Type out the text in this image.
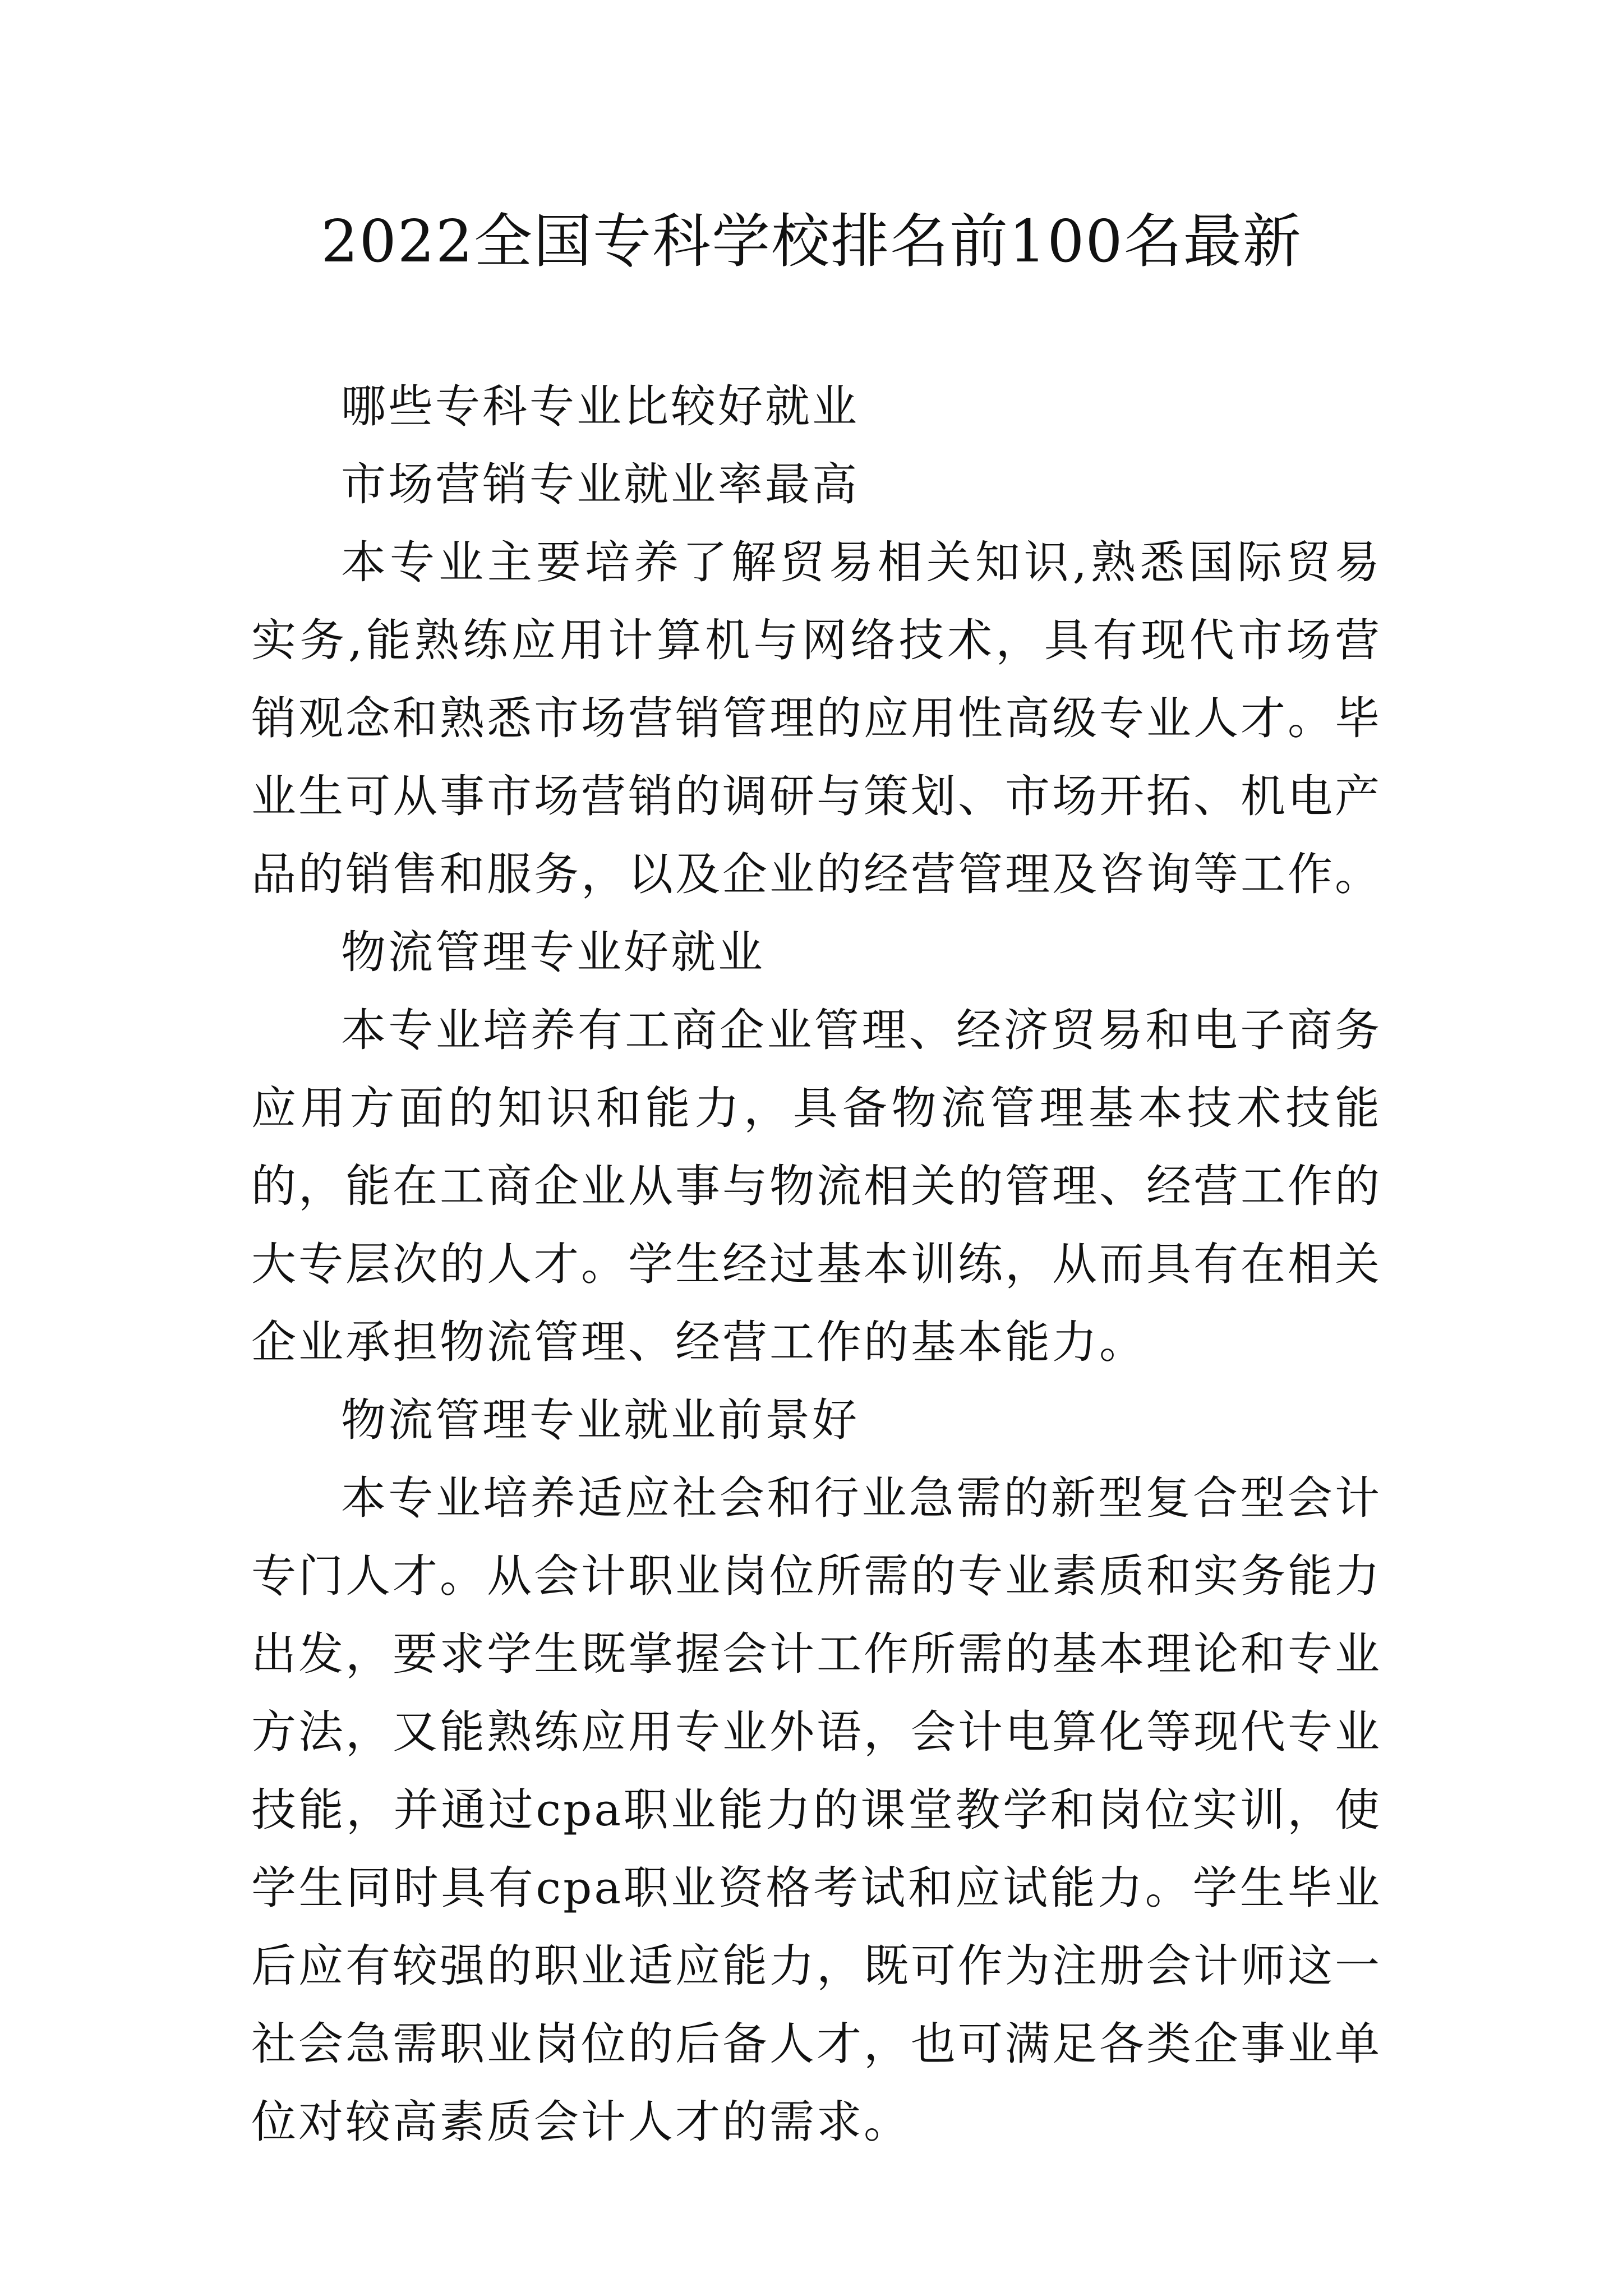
2022全国专科学校排名前100名最新

哪些专科专业比较好就业

市场营销专业就业率最高

本专业主要培养了解贸易相关知识,熟悉国际贸易实务,能熟练应用计算机与网络技术，具有现代市场营销观念和熟悉市场营销管理的应用性高级专业人才。毕业生可从事市场营销的调研与策划、市场开拓、机电产品的销售和服务，以及企业的经营管理及咨询等工作。

物流管理专业好就业

本专业培养有工商企业管理、经济贸易和电子商务应用方面的知识和能力，具备物流管理基本技术技能的，能在工商企业从事与物流相关的管理、经营工作的大专层次的人才。学生经过基本训练，从而具有在相关企业承担物流管理、经营工作的基本能力。

物流管理专业就业前景好

本专业培养适应社会和行业急需的新型复合型会计专门人才。从会计职业岗位所需的专业素质和实务能力出发，要求学生既掌握会计工作所需的基本理论和专业方法，又能熟练应用专业外语，会计电算化等现代专业技能，并通过cpa职业能力的课堂教学和岗位实训，使学生同时具有cpa职业资格考试和应试能力。学生毕业后应有较强的职业适应能力，既可作为注册会计师这一社会急需职业岗位的后备人才，也可满足各类企事业单位对较高素质会计人才的需求。
